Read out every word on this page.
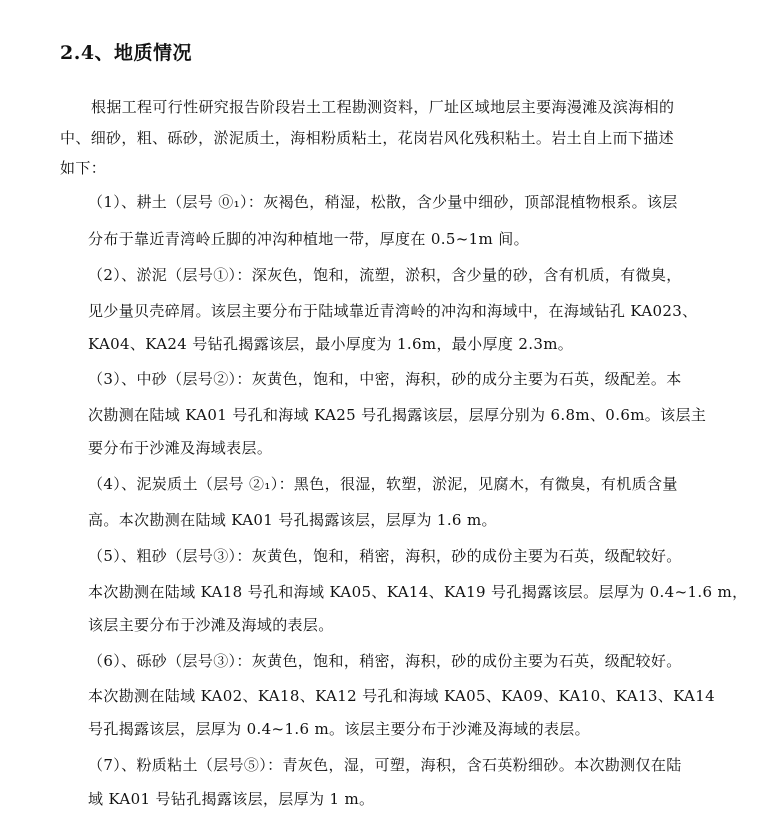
2.4、地质情况
根据工程可行性研究报告阶段岩土工程勘测资料，厂址区域地层主要海漫滩及滨海相的
中、细砂，粗、砾砂，淤泥质土，海相粉质粘土，花岗岩风化残积粘土。岩土自上而下描述
如下：
（1）、耕土（层号 ⓪₁）：灰褐色，稍湿，松散，含少量中细砂，顶部混植物根系。该层
分布于靠近青湾岭丘脚的冲沟种植地一带，厚度在 0.5~1m 间。
（2）、淤泥（层号①）：深灰色，饱和，流塑，淤积，含少量的砂，含有机质，有微臭，
见少量贝壳碎屑。该层主要分布于陆域靠近青湾岭的冲沟和海域中，在海域钻孔 KA023、
KA04、KA24 号钻孔揭露该层，最小厚度为 1.6m，最小厚度 2.3m。
（3）、中砂（层号②）：灰黄色，饱和，中密，海积，砂的成分主要为石英，级配差。本
次勘测在陆域 KA01 号孔和海域 KA25 号孔揭露该层，层厚分别为 6.8m、0.6m。该层主
要分布于沙滩及海域表层。
（4）、泥炭质土（层号 ②₁）：黑色，很湿，软塑，淤泥，见腐木，有微臭，有机质含量
高。本次勘测在陆域 KA01 号孔揭露该层，层厚为 1.6 m。
（5）、粗砂（层号③）：灰黄色，饱和，稍密，海积，砂的成份主要为石英，级配较好。
本次勘测在陆域 KA18 号孔和海域 KA05、KA14、KA19 号孔揭露该层。层厚为 0.4~1.6 m，
该层主要分布于沙滩及海域的表层。
（6）、砾砂（层号③）：灰黄色，饱和，稍密，海积，砂的成份主要为石英，级配较好。
本次勘测在陆域 KA02、KA18、KA12 号孔和海域 KA05、KA09、KA10、KA13、KA14
号孔揭露该层，层厚为 0.4~1.6 m。该层主要分布于沙滩及海域的表层。
（7）、粉质粘土（层号⑤）：青灰色，湿，可塑，海积，含石英粉细砂。本次勘测仅在陆
域 KA01 号钻孔揭露该层，层厚为 1 m。
